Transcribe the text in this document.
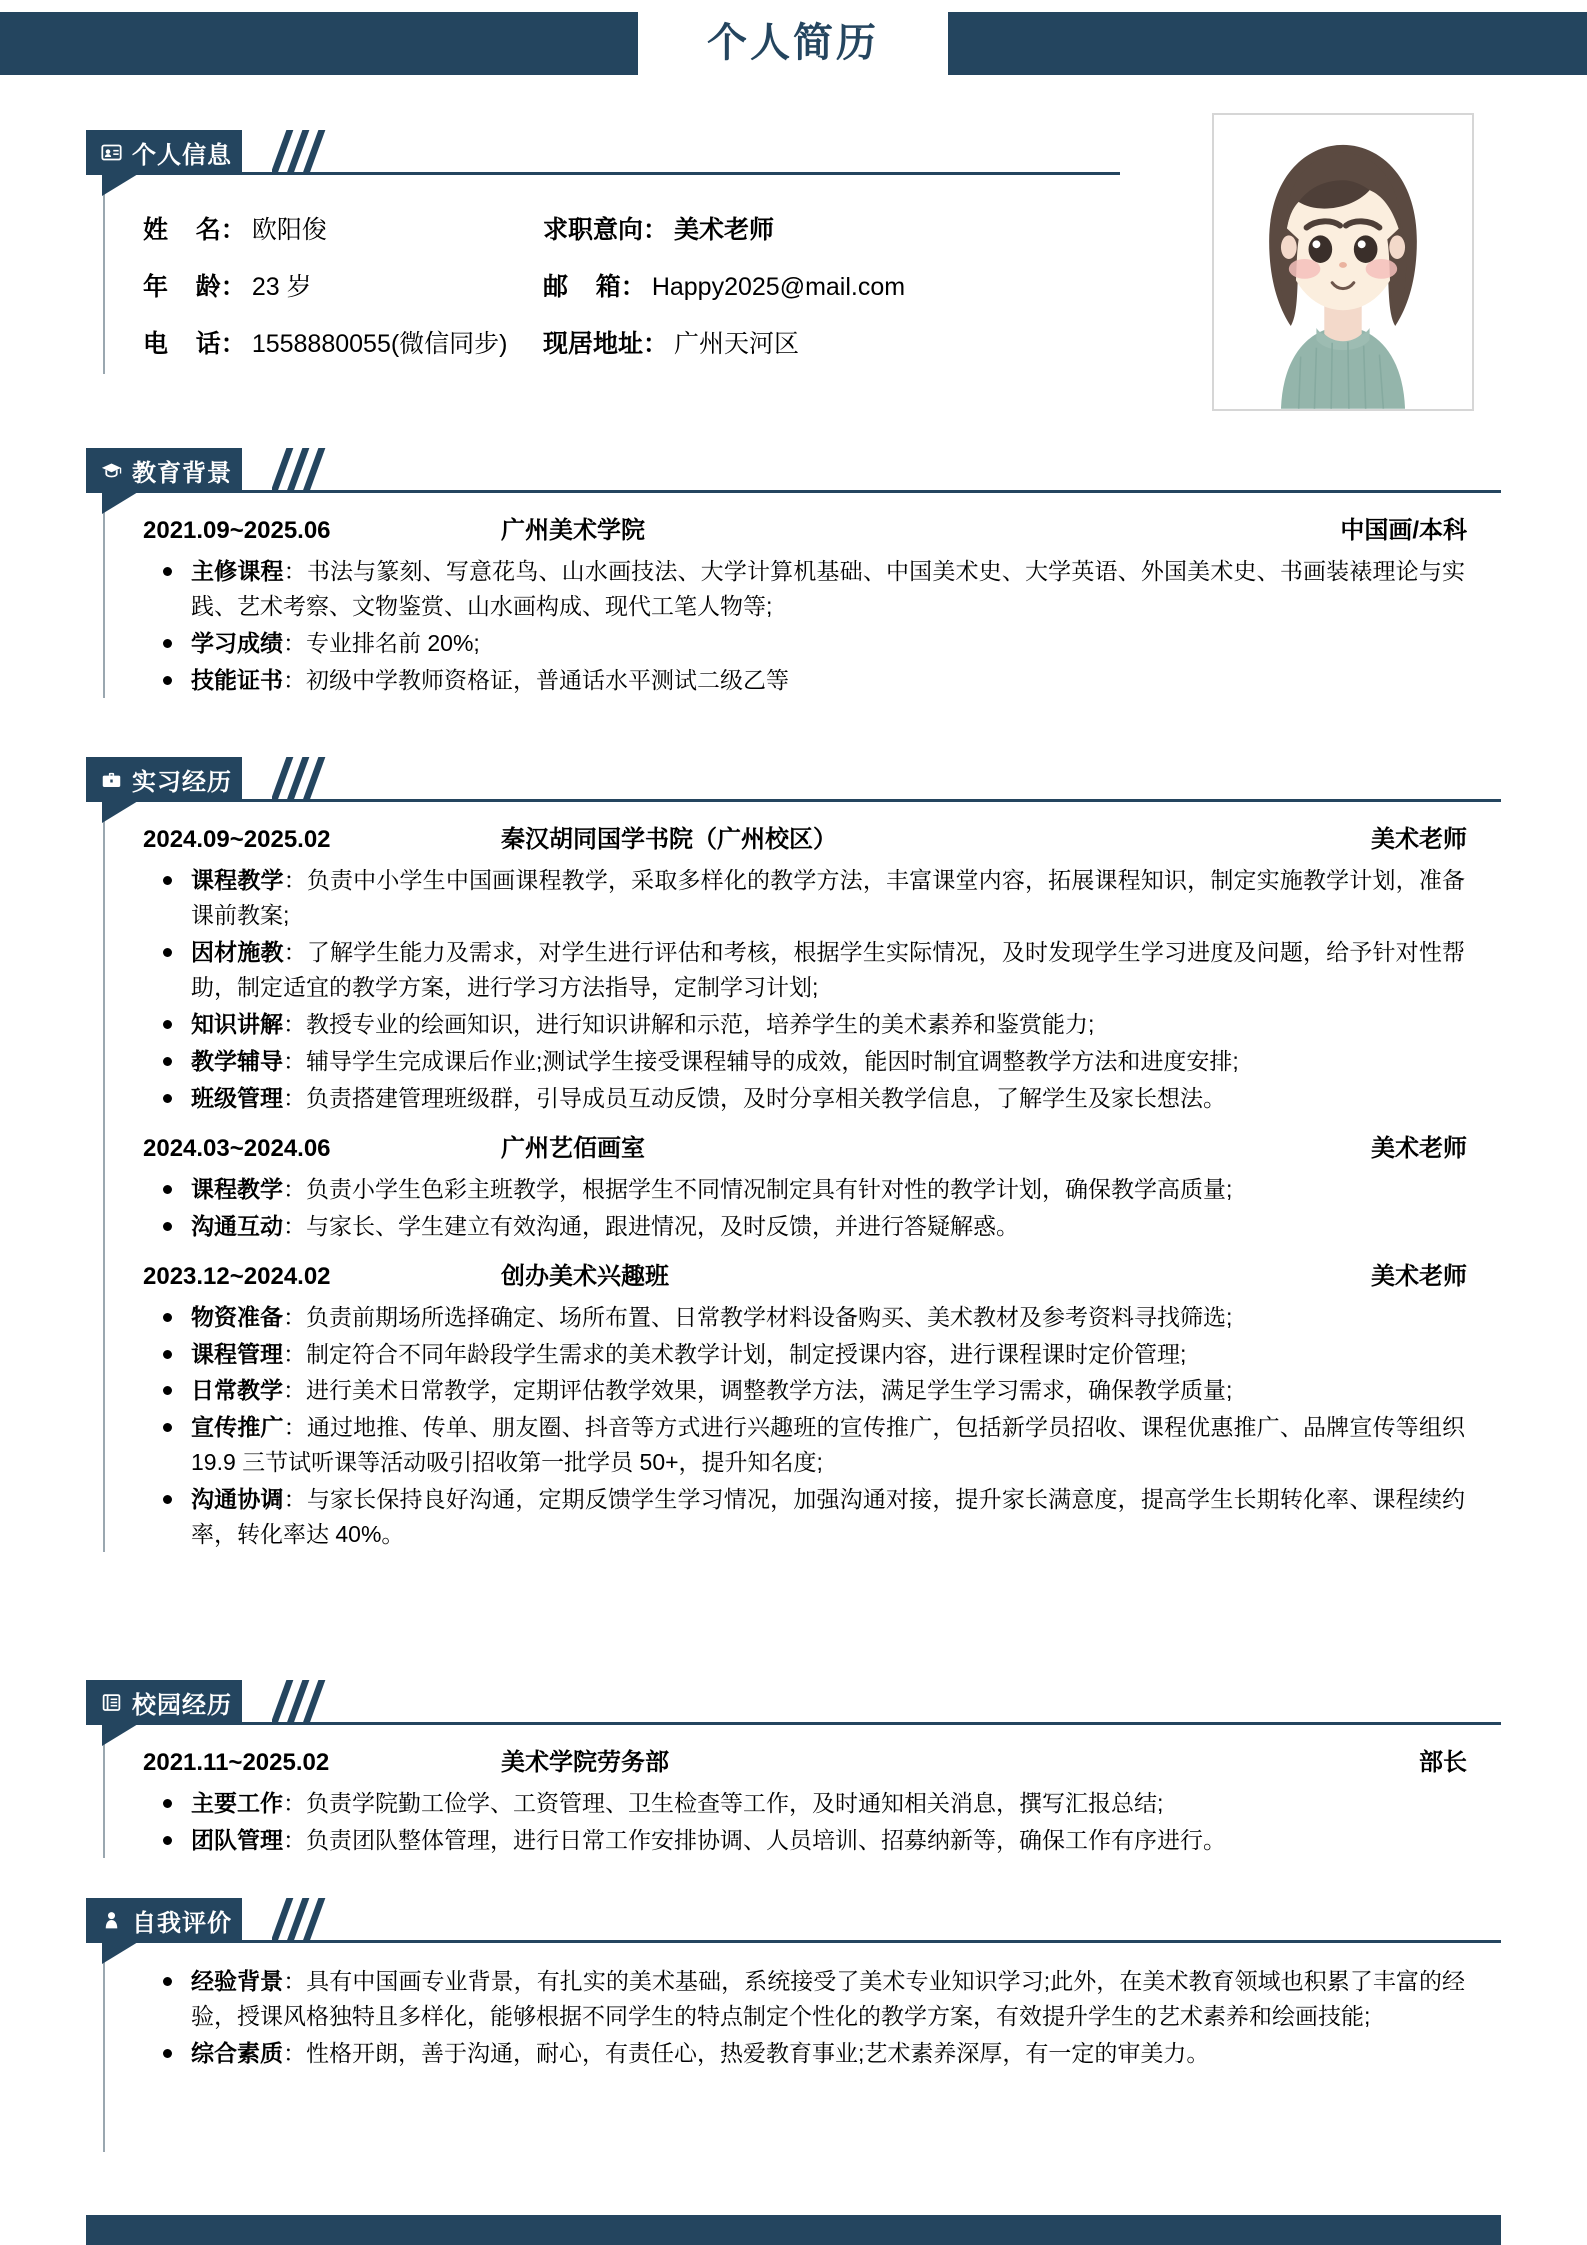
个人简历
个人信息
姓    名 ： 欧阳俊	求职意向 ： 美术老师
年    龄 ： 23 岁	邮    箱 ： Happy2025@mail.com
电    话 ： 1558880055(微信同步) 现居地址 ： 广州天河区
教育背景
2021.09~2025.06	广州美术学院	中国画/本科
主修课程：书法与篆刻、写意花鸟、山水画技法、大学计算机基础、中国美术史、大学英语、外国美术史、书画装裱理论与实践、艺术考察、文物鉴赏、山水画构成、现代工笔人物等;
学习成绩：专业排名前 20%;
技能证书：初级中学教师资格证，普通话水平测试二级乙等
实习经历
2024.09~2025.02	秦汉胡同国学书院（广州校区）	美术老师
课程教学：负责中小学生中国画课程教学，采取多样化的教学方法，丰富课堂内容，拓展课程知识，制定实施教学计划，准备课前教案;
因材施教：了解学生能力及需求，对学生进行评估和考核，根据学生实际情况，及时发现学生学习进度及问题，给予针对性帮助，制定适宜的教学方案，进行学习方法指导，定制学习计划;
知识讲解：教授专业的绘画知识，进行知识讲解和示范，培养学生的美术素养和鉴赏能力;
教学辅导：辅导学生完成课后作业;测试学生接受课程辅导的成效，能因时制宜调整教学方法和进度安排;
班级管理：负责搭建管理班级群，引导成员互动反馈，及时分享相关教学信息，了解学生及家长想法。
2024.03~2024.06	广州艺佰画室	美术老师
课程教学：负责小学生色彩主班教学，根据学生不同情况制定具有针对性的教学计划，确保教学高质量;
沟通互动：与家长、学生建立有效沟通，跟进情况，及时反馈，并进行答疑解惑。
2023.12~2024.02	创办美术兴趣班	美术老师
物资准备：负责前期场所选择确定、场所布置、日常教学材料设备购买、美术教材及参考资料寻找筛选;
课程管理：制定符合不同年龄段学生需求的美术教学计划，制定授课内容，进行课程课时定价管理;
日常教学：进行美术日常教学，定期评估教学效果，调整教学方法，满足学生学习需求，确保教学质量;
宣传推广：通过地推、传单、朋友圈、抖音等方式进行兴趣班的宣传推广，包括新学员招收、课程优惠推广、品牌宣传等组织 19.9 三节试听课等活动吸引招收第一批学员 50+，提升知名度;
沟通协调：与家长保持良好沟通，定期反馈学生学习情况，加强沟通对接，提升家长满意度，提高学生长期转化率、课程续约率，转化率达 40%。
校园经历
2021.11~2025.02	美术学院劳务部	部长
主要工作：负责学院勤工俭学、工资管理、卫生检查等工作，及时通知相关消息，撰写汇报总结;
团队管理：负责团队整体管理，进行日常工作安排协调、人员培训、招募纳新等，确保工作有序进行。
自我评价
经验背景：具有中国画专业背景，有扎实的美术基础，系统接受了美术专业知识学习;此外，在美术教育领域也积累了丰富的经验，授课风格独特且多样化，能够根据不同学生的特点制定个性化的教学方案，有效提升学生的艺术素养和绘画技能;
综合素质：性格开朗，善于沟通，耐心，有责任心，热爱教育事业;艺术素养深厚，有一定的审美力。
